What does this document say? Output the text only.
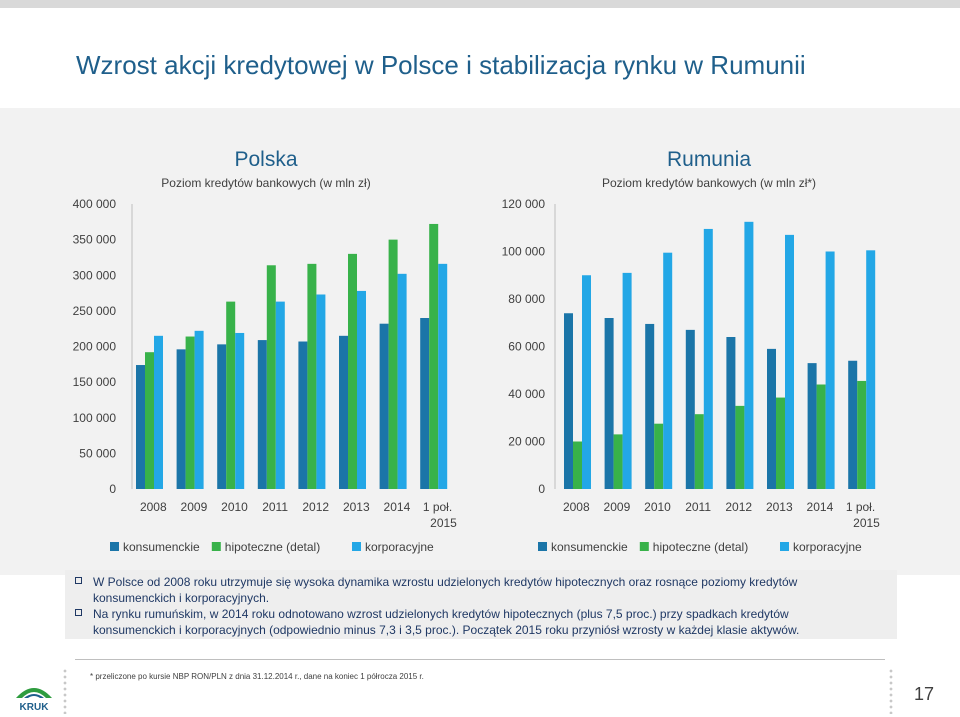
Wzrost akcji kredytowej w Polsce i stabilizacja rynku w Rumunii
Polska
Poziom kredytów bankowych (w mln zł)
0
50 000
100 000
150 000
200 000
250 000
300 000
350 000
400 000
2008 2009 2010 2011 2012 2013 2014 1 poł.
2015
konsumenckie hipoteczne (detal)	korporacyjne
Rumunia
Poziom kredytów bankowych (w mln zł*)
0
20 000
40 000
60 000
80 000
100 000
120 000
2008 2009 2010 2011 2012 2013 2014 1 poł.
2015
konsumenckie hipoteczne (detal)	korporacyjne
W Polsce od 2008 roku utrzymuje się wysoka dynamika wzrostu udzielonych kredytów hipotecznych oraz rosnące poziomy kredytów
konsumenckich i korporacyjnych.
Na rynku rumuńskim, w 2014 roku odnotowano wzrost udzielonych kredytów hipotecznych (plus 7,5 proc.) przy spadkach kredytów
konsumenckich i korporacyjnych (odpowiednio minus 7,3 i 3,5 proc.). Początek 2015 roku przyniósł wzrosty w każdej klasie aktywów.
* przeliczone po kursie NBP RON/PLN z dnia 31.12.2014 r., dane na koniec 1 półrocza 2015 r.
KRUK
17
